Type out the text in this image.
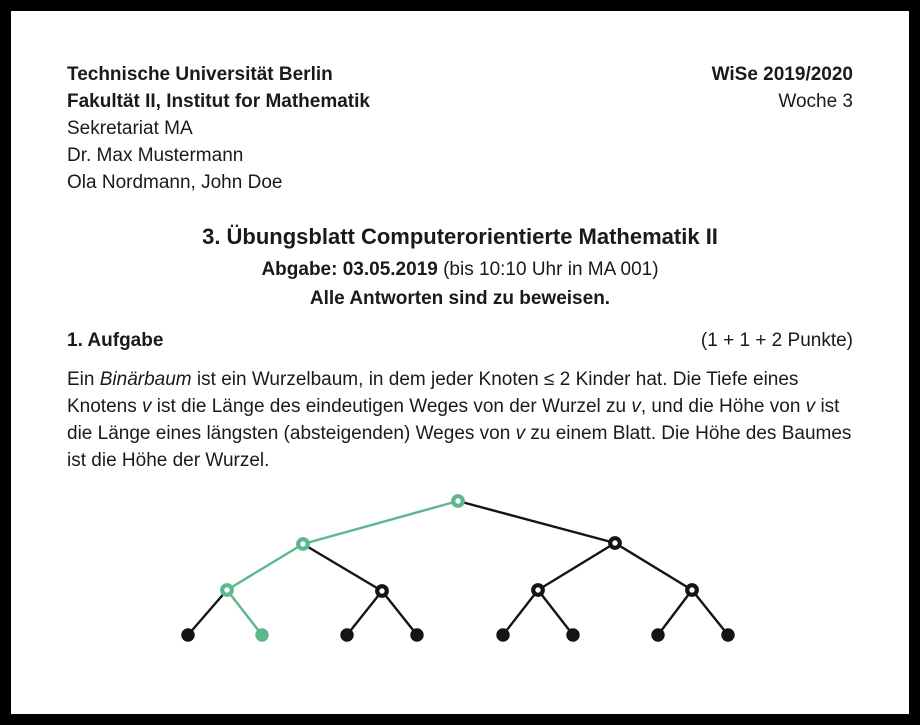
Technische Universität Berlin
Fakultät II, Institut for Mathematik
Sekretariat MA
Dr. Max Mustermann
Ola Nordmann, John Doe
WiSe 2019/2020
Woche 3
3. Übungsblatt Computerorientierte Mathematik II
Abgabe: 03.05.2019 (bis 10:10 Uhr in MA 001)
Alle Antworten sind zu beweisen.
1. Aufgabe	(1 + 1 + 2 Punkte)

Ein Binärbaum ist ein Wurzelbaum, in dem jeder Knoten ≤ 2 Kinder hat. Die Tiefe eines Knotens v ist die Länge des eindeutigen Weges von der Wurzel zu v, und die Höhe von v ist die Länge eines längsten (absteigenden) Weges von v zu einem Blatt. Die Höhe des Baumes ist die Höhe der Wurzel.
